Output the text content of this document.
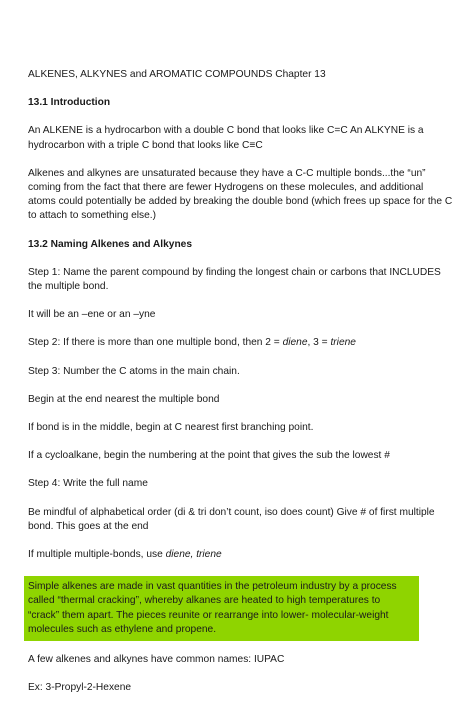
ALKENES, ALKYNES and AROMATIC COMPOUNDS Chapter 13

13.1 Introduction

An ALKENE is a hydrocarbon with a double C bond that looks like C=C An ALKYNE is a hydrocarbon with a triple C bond that looks like C≡C

Alkenes and alkynes are unsaturated because they have a C-C multiple bonds...the “un” coming from the fact that there are fewer Hydrogens on these molecules, and additional atoms could potentially be added by breaking the double bond (which frees up space for the C to attach to something else.)

13.2 Naming Alkenes and Alkynes

Step 1: Name the parent compound by finding the longest chain or carbons that INCLUDES the multiple bond.

It will be an –ene or an –yne

Step 2: If there is more than one multiple bond, then 2 = diene, 3 = triene

Step 3: Number the C atoms in the main chain.

Begin at the end nearest the multiple bond

If bond is in the middle, begin at C nearest first branching point.

If a cycloalkane, begin the numbering at the point that gives the sub the lowest #

Step 4: Write the full name

Be mindful of alphabetical order (di & tri don’t count, iso does count) Give # of first multiple bond. This goes at the end

If multiple multiple-bonds, use diene, triene

Simple alkenes are made in vast quantities in the petroleum industry by a process called “thermal cracking”, whereby alkanes are heated to high temperatures to “crack” them apart. The pieces reunite or rearrange into lower- molecular-weight molecules such as ethylene and propene.

A few alkenes and alkynes have common names: IUPAC

Ex: 3-Propyl-2-Hexene
